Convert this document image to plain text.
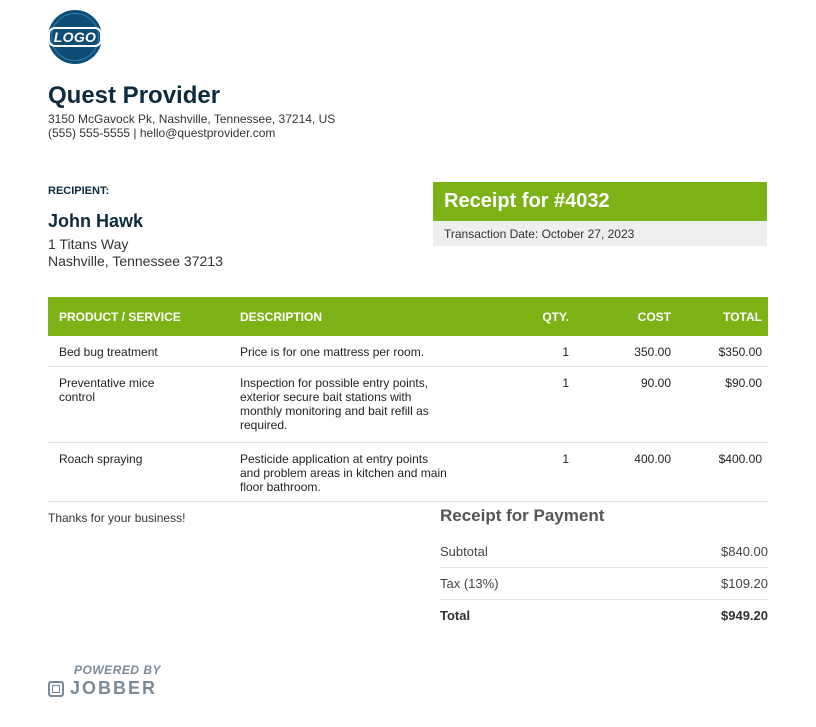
LOGO
Quest Provider
3150 McGavock Pk, Nashville, Tennessee, 37214, US
(555) 555-5555 | hello@questprovider.com
RECIPIENT:
John Hawk
1 Titans Way
Nashville, Tennessee 37213
Receipt for #4032
Transaction Date: October 27, 2023
PRODUCT / SERVICE	DESCRIPTION	QTY.	COST	TOTAL
Bed bug treatment	Price is for one mattress per room.	1	350.00	$350.00
Preventative mice control	Inspection for possible entry points, exterior secure bait stations with monthly monitoring and bait refill as required.	1	90.00	$90.00
Roach spraying	Pesticide application at entry points and problem areas in kitchen and main floor bathroom.	1	400.00	$400.00
Thanks for your business!	Receipt for Payment
Subtotal	$840.00
Tax (13%)	$109.20
Total	$949.20
POWERED BY
JOBBER
